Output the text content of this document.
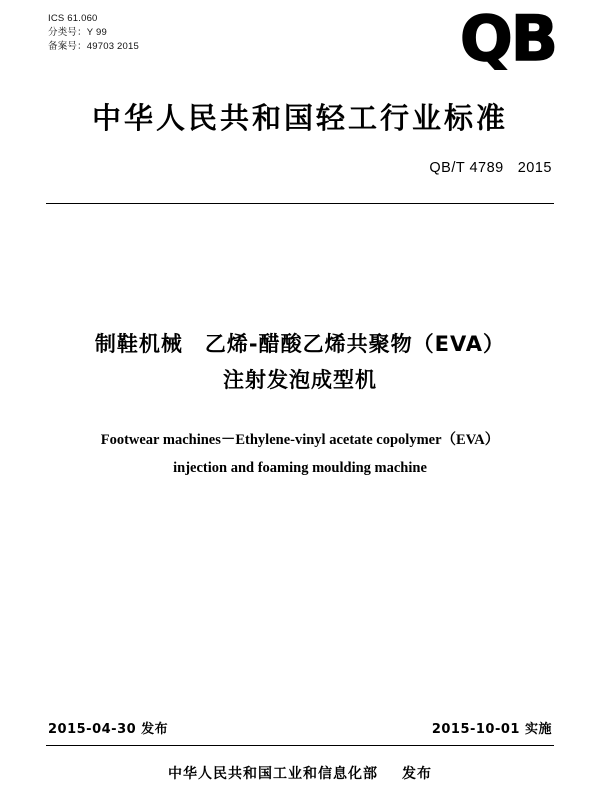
ICS 61.060
分类号：Y 99
备案号：49703 2015	QB
中华人民共和国轻工行业标准
QB/T 4789 2015
制鞋机械　乙烯-醋酸乙烯共聚物（EVA）
注射发泡成型机
Footwear machines－Ethylene-vinyl acetate copolymer（EVA）
injection and foaming moulding machine
2015-04-30 发布	2015-10-01 实施
中华人民共和国工业和信息化部 发布
